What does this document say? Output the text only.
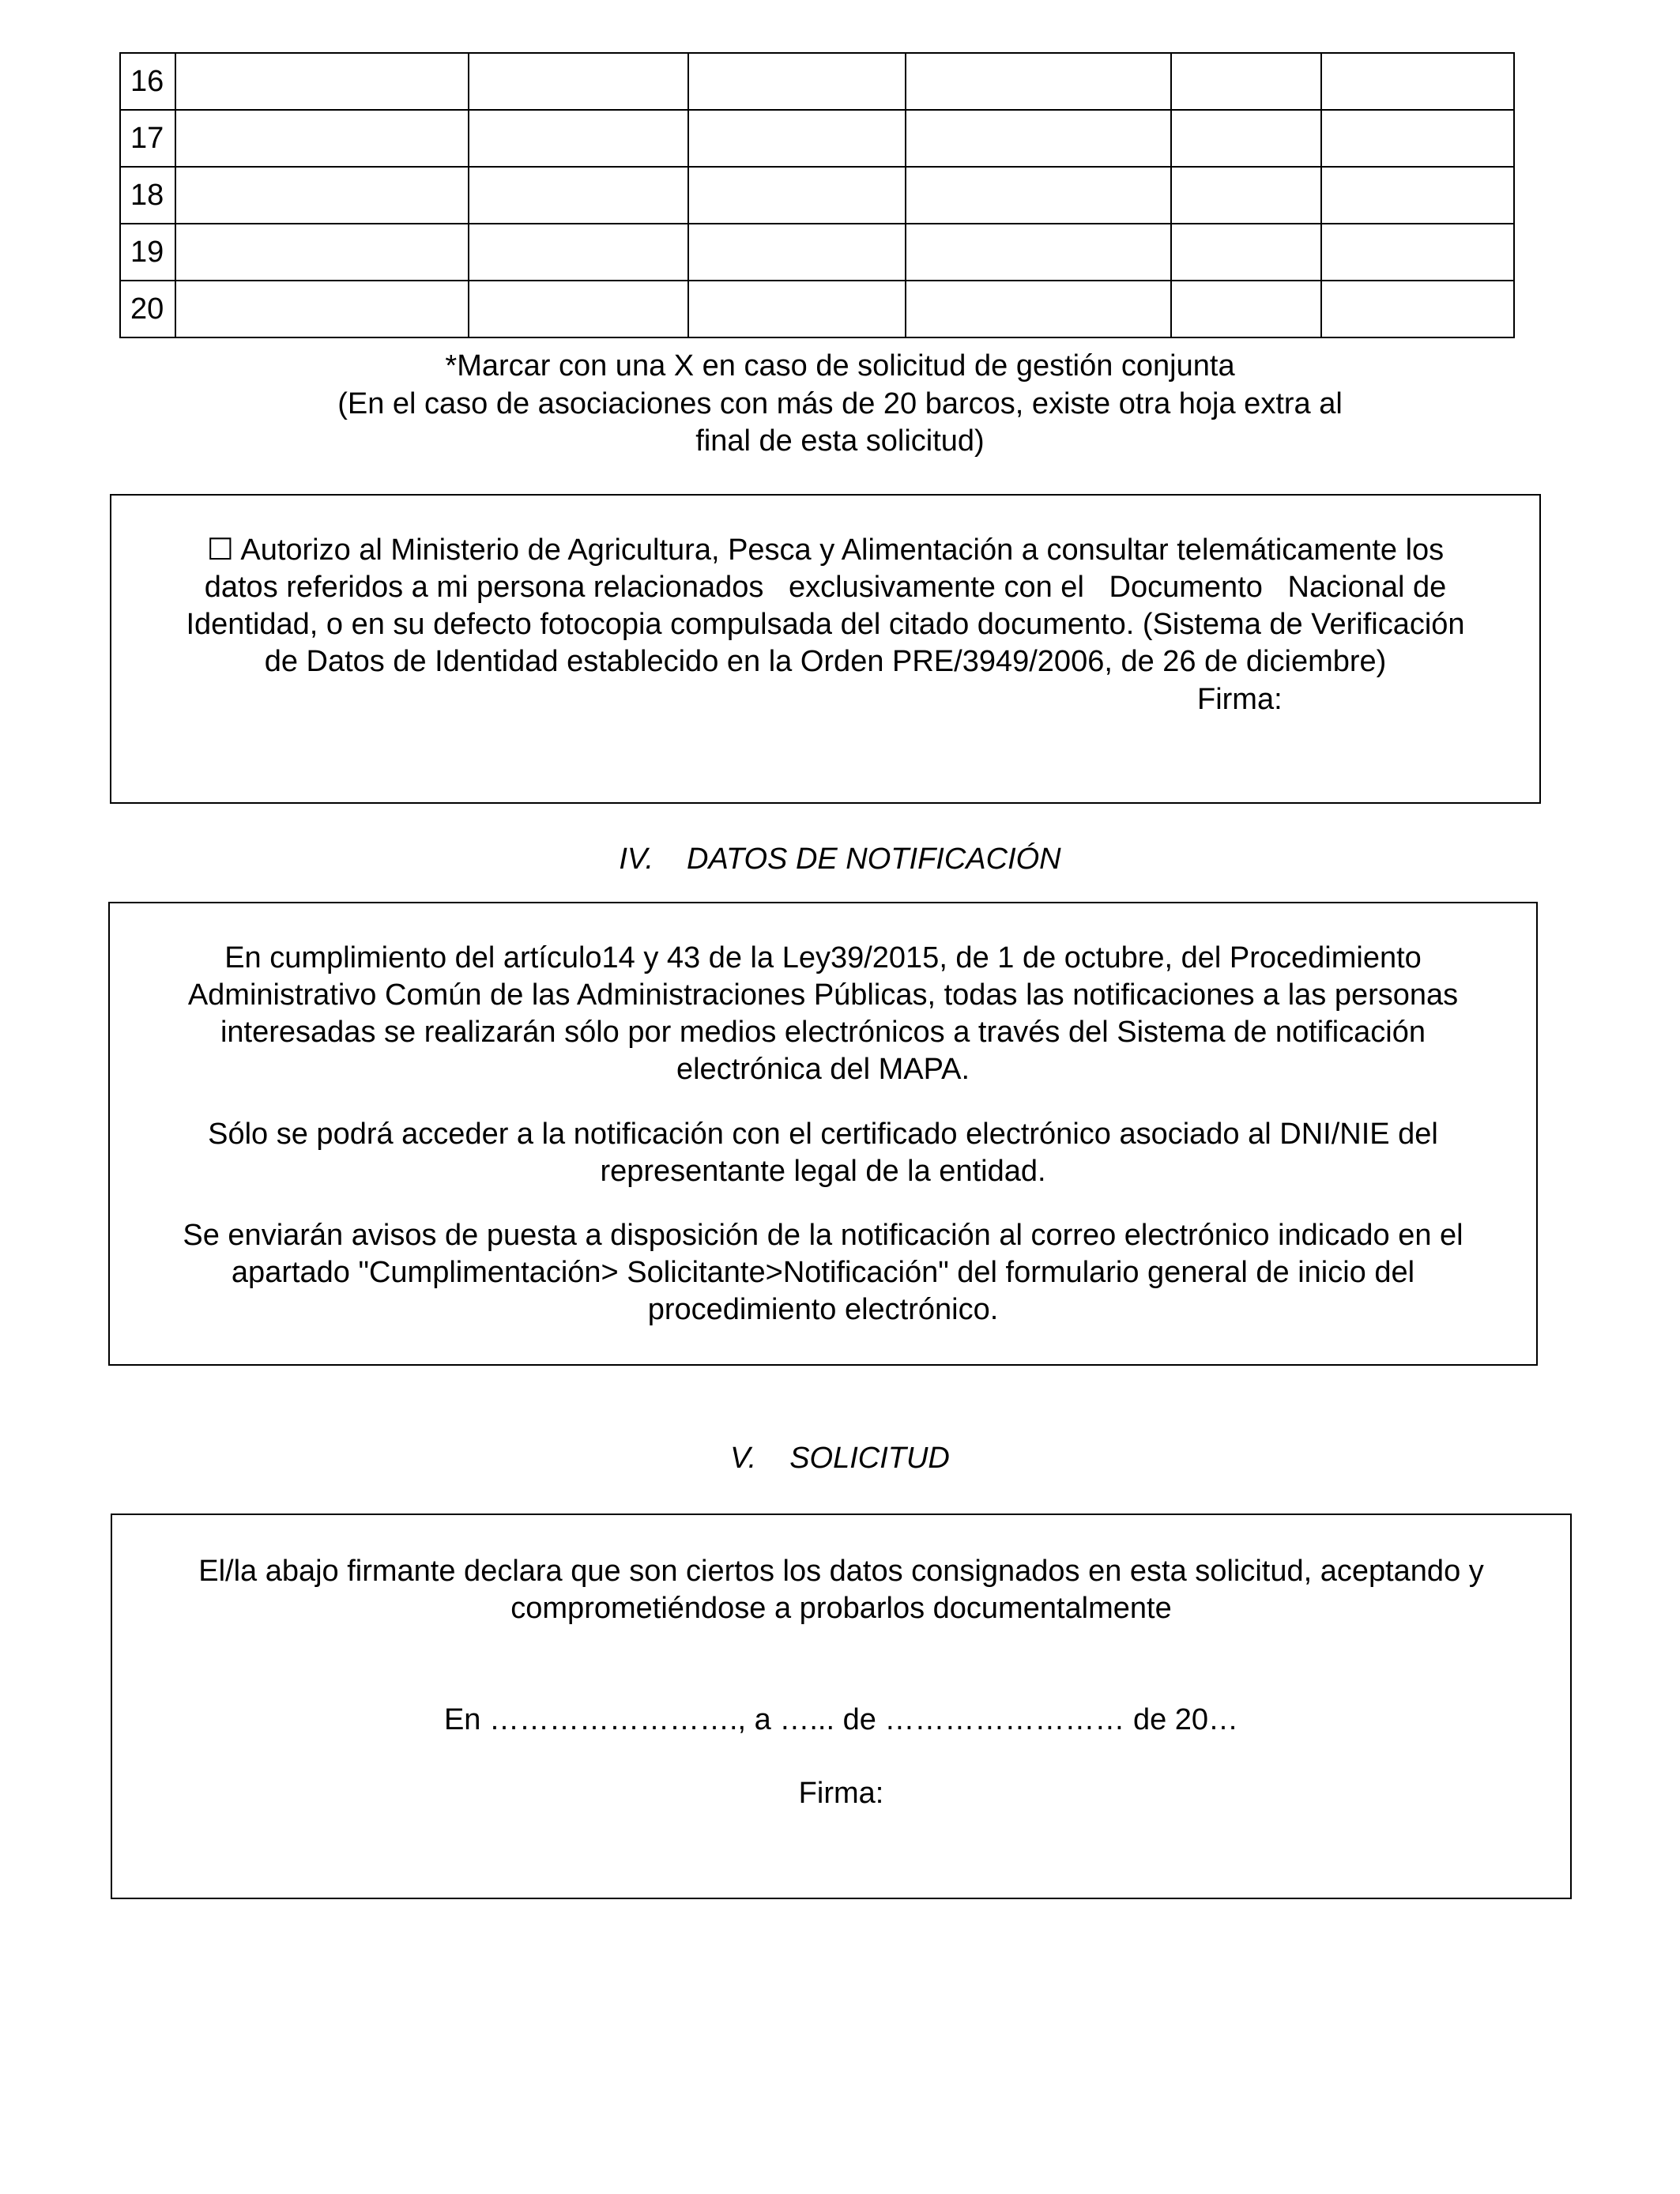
16						
17						
18						
19						
20						
*Marcar con una X en caso de solicitud de gestión conjunta
(En el caso de asociaciones con más de 20 barcos, existe otra hoja extra al
final de esta solicitud)
☐ Autorizo al Ministerio de Agricultura, Pesca y Alimentación a consultar telemáticamente los
datos referidos a mi persona relacionados   exclusivamente con el   Documento   Nacional de
Identidad, o en su defecto fotocopia compulsada del citado documento. (Sistema de Verificación
de Datos de Identidad establecido en la Orden PRE/3949/2006, de 26 de diciembre)
Firma:
IV. DATOS DE NOTIFICACIÓN
En cumplimiento del artículo14 y 43 de la Ley39/2015, de 1 de octubre, del Procedimiento
Administrativo Común de las Administraciones Públicas, todas las notificaciones a las personas
interesadas se realizarán sólo por medios electrónicos a través del Sistema de notificación
electrónica del MAPA.
Sólo se podrá acceder a la notificación con el certificado electrónico asociado al DNI/NIE del
representante legal de la entidad.
Se enviarán avisos de puesta a disposición de la notificación al correo electrónico indicado en el
apartado "Cumplimentación> Solicitante>Notificación" del formulario general de inicio del
procedimiento electrónico.
V. SOLICITUD
El/la abajo firmante declara que son ciertos los datos consignados en esta solicitud, aceptando y
comprometiéndose a probarlos documentalmente
En ……………………., a …... de …………………… de 20…
Firma:
